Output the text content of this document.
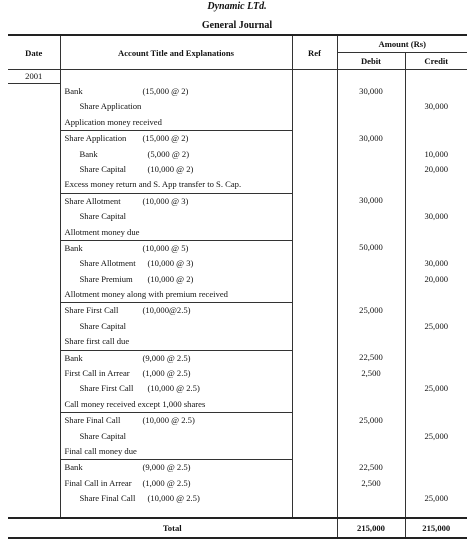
Dynamic LTd.
General Journal
Date	Account Title and Explanations	Ref	Amount (Rs)	
			Debit	Credit

2001				

	Bank (15,000 @ 2)		30,000	

	Share Application			30,000

	Application money received			

	Share Application (15,000 @ 2)		30,000	

	Bank (5,000 @ 2)			10,000

	Share Capital (10,000 @ 2)			20,000

	Excess money return and S. App transfer to S. Cap.			

	Share Allotment (10,000 @ 3)		30,000	

	Share Capital			30,000

	Allotment money due			

	Bank (10,000 @ 5)		50,000	

	Share Allotment (10,000 @ 3)			30,000

	Share Premium (10,000 @ 2)			20,000

	Allotment money along with premium received			

	Share First Call (10,000@2.5)		25,000	

	Share Capital			25,000

	Share first call due			

	Bank (9,000 @ 2.5)		22,500	

	First Call in Arrear (1,000 @ 2.5)		2,500	

	Share First Call (10,000 @ 2.5)			25,000

	Call money received except 1,000 shares			

	Share Final Call (10,000 @ 2.5)		25,000	

	Share Capital			25,000

	Final call money due			

	Bank (9,000 @ 2.5)		22,500	

	Final Call in Arrear (1,000 @ 2.5)		2,500	

	Share Final Call (10,000 @ 2.5)			25,000

Total			215,000	215,000
